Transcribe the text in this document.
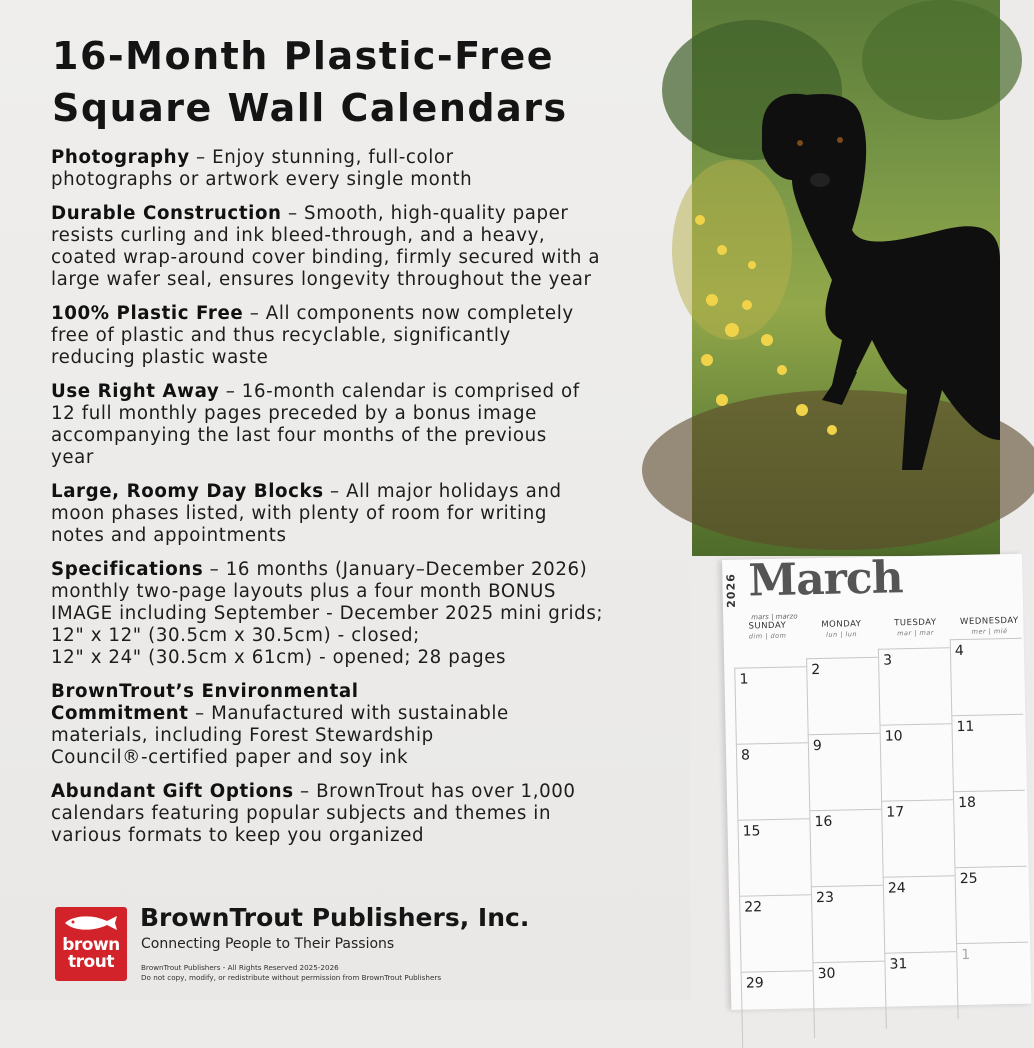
16-Month Plastic-Free
Square Wall Calendars

Photography – Enjoy stunning, full-color
photographs or artwork every single month

Durable Construction – Smooth, high-quality paper
resists curling and ink bleed-through, and a heavy,
coated wrap-around cover binding, firmly secured with a
large wafer seal, ensures longevity throughout the year

100% Plastic Free – All components now completely
free of plastic and thus recyclable, significantly
reducing plastic waste

Use Right Away – 16-month calendar is comprised of
12 full monthly pages preceded by a bonus image
accompanying the last four months of the previous
year

Large, Roomy Day Blocks – All major holidays and
moon phases listed, with plenty of room for writing
notes and appointments

Specifications – 16 months (January–December 2026)
monthly two-page layouts plus a four month BONUS
IMAGE including September - December 2025 mini grids;
12" x 12" (30.5cm x 30.5cm) - closed;
12" x 24" (30.5cm x 61cm) - opened; 28 pages

BrownTrout’s Environmental
Commitment – Manufactured with sustainable
materials, including Forest Stewardship
Council®-certified paper and soy ink

Abundant Gift Options – BrownTrout has over 1,000
calendars featuring popular subjects and themes in
various formats to keep you organized

brown
trout
BrownTrout Publishers, Inc.
Connecting People to Their Passions
BrownTrout Publishers - All Rights Reserved 2025-2026
Do not copy, modify, or redistribute without permission from BrownTrout Publishers
2026 March
mars | marzo
SUNDAY
dim | dom
MONDAY
lun | lun
TUESDAY
mar | mar
WEDNESDAY
mer | mié
1
2
3
4
8
9
10
11
15
16
17
18
22
23
24
25
29
30
31
1
